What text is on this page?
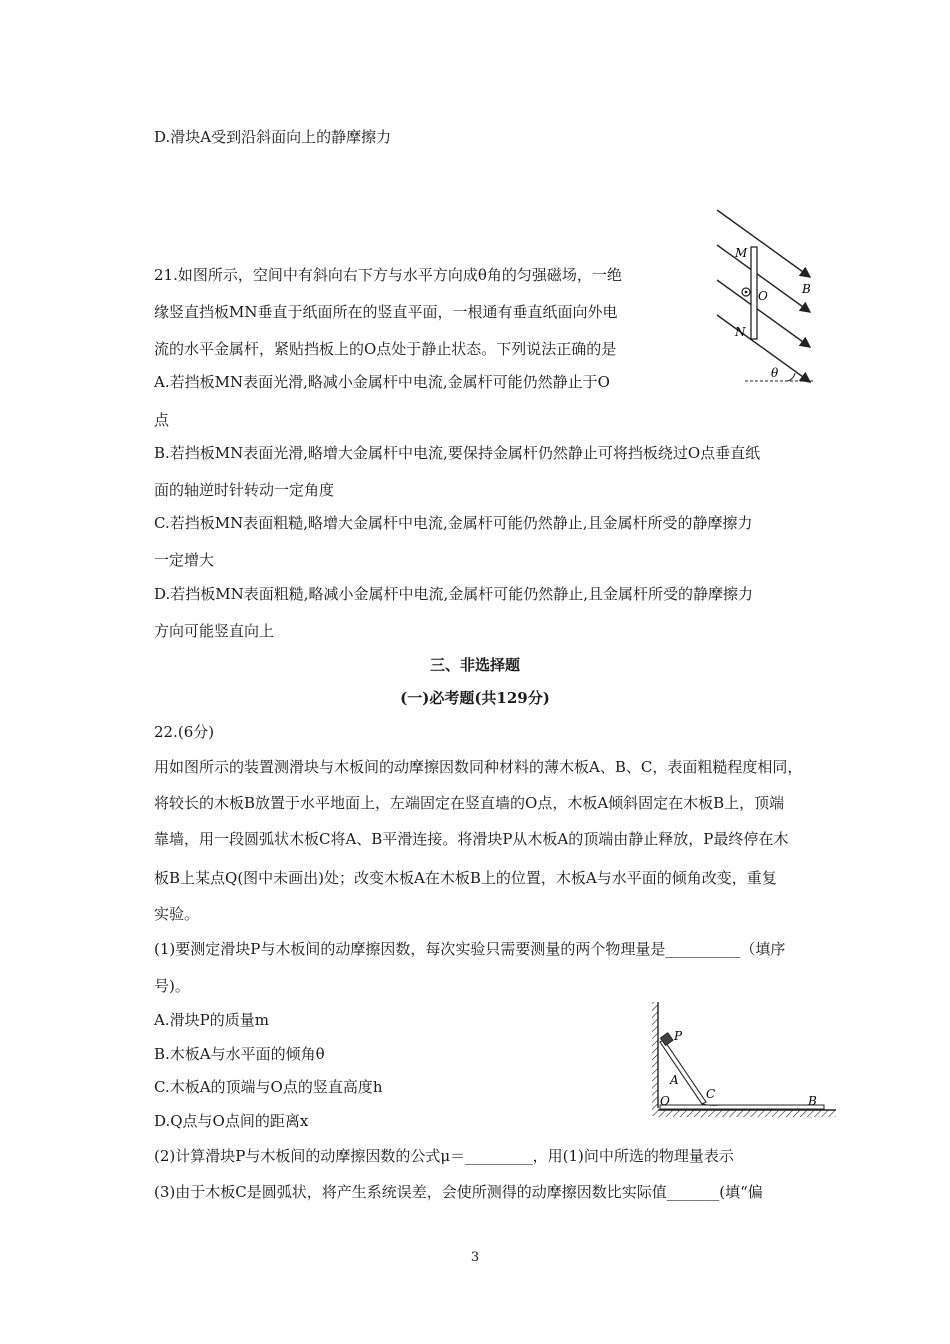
D.滑块A受到沿斜面向上的静摩擦力
21.如图所示，空间中有斜向右下方与水平方向成θ角的匀强磁场，一绝
缘竖直挡板MN垂直于纸面所在的竖直平面，一根通有垂直纸面向外电
流的水平金属杆，紧贴挡板上的O点处于静止状态。下列说法正确的是
A.若挡板MN表面光滑,略减小金属杆中电流,金属杆可能仍然静止于O
点
B.若挡板MN表面光滑,略增大金属杆中电流,要保持金属杆仍然静止可将挡板绕过O点垂直纸
面的轴逆时针转动一定角度
C.若挡板MN表面粗糙,略增大金属杆中电流,金属杆可能仍然静止,且金属杆所受的静摩擦力
一定增大
D.若挡板MN表面粗糙,略减小金属杆中电流,金属杆可能仍然静止,且金属杆所受的静摩擦力
方向可能竖直向上
三、非选择题
(一)必考题(共129分)
22.(6分)
用如图所示的装置测滑块与木板间的动摩擦因数同种材料的薄木板A、B、C，表面粗糙程度相同，
将较长的木板B放置于水平地面上，左端固定在竖直墙的O点，木板A倾斜固定在木板B上，顶端
靠墙，用一段圆弧状木板C将A、B平滑连接。将滑块P从木板A的顶端由静止释放，P最终停在木
板B上某点Q(图中未画出)处；改变木板A在木板B上的位置，木板A与水平面的倾角改变，重复
实验。
(1)要测定滑块P与木板间的动摩擦因数，每次实验只需要测量的两个物理量是__________（填序
号)。
A.滑块P的质量m
B.木板A与水平面的倾角θ
C.木板A的顶端与O点的竖直高度h
D.Q点与O点间的距离x
(2)计算滑块P与木板间的动摩擦因数的公式μ＝_________，用(1)问中所选的物理量表示
(3)由于木板C是圆弧状，将产生系统误差，会使所测得的动摩擦因数比实际值_______(填“偏
3
M
O
N
B
θ
P
A
C
O	B
